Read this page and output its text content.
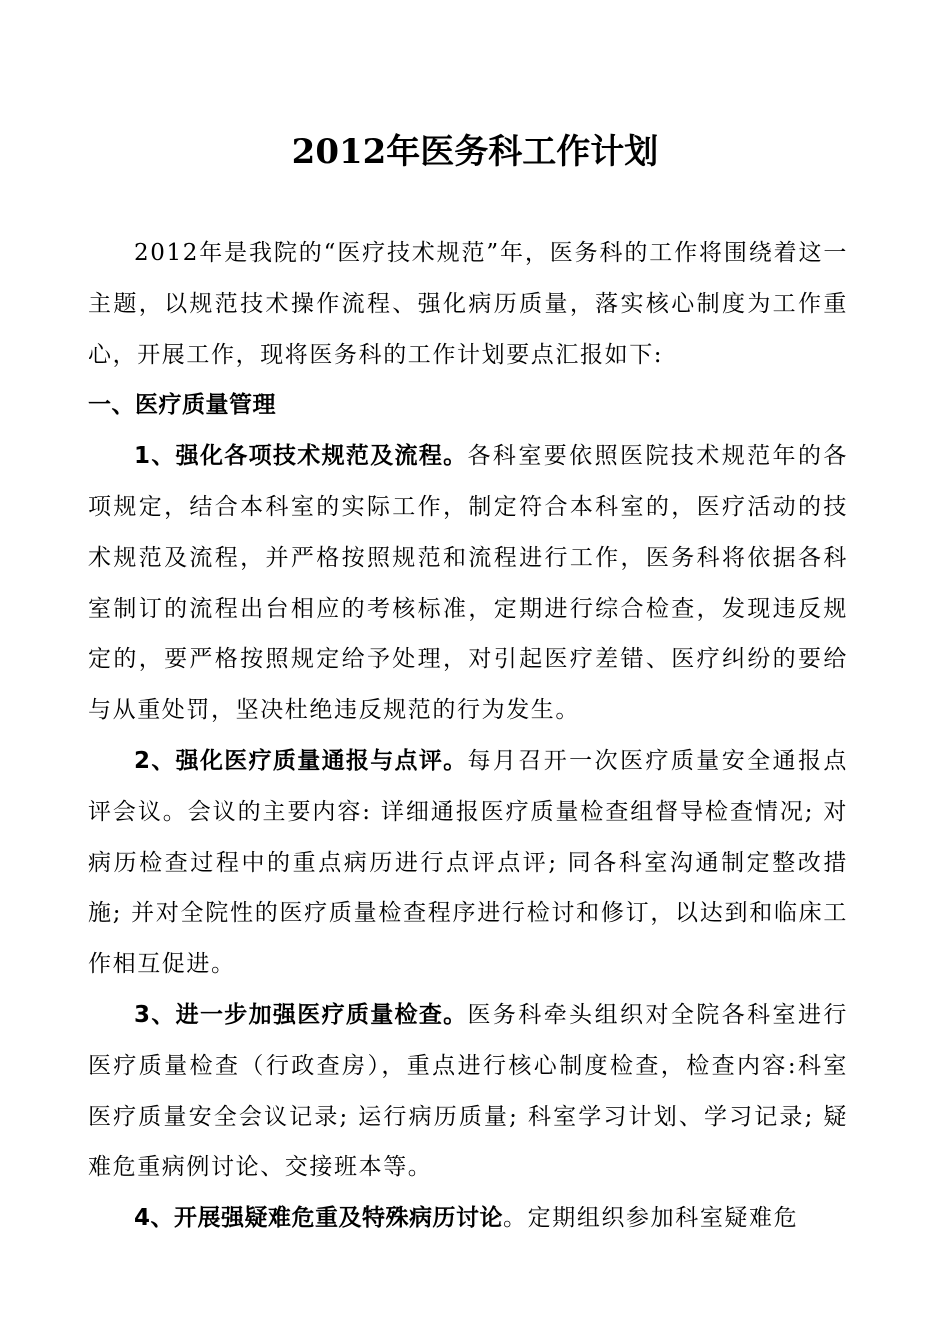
2012年医务科工作计划

2012年是我院的“医疗技术规范”年，医务科的工作将围绕着这一主题，以规范技术操作流程、强化病历质量，落实核心制度为工作重心，开展工作，现将医务科的工作计划要点汇报如下:

一、医疗质量管理

1、强化各项技术规范及流程。各科室要依照医院技术规范年的各项规定，结合本科室的实际工作，制定符合本科室的，医疗活动的技术规范及流程，并严格按照规范和流程进行工作，医务科将依据各科室制订的流程出台相应的考核标准，定期进行综合检查，发现违反规定的，要严格按照规定给予处理，对引起医疗差错、医疗纠纷的要给与从重处罚，坚决杜绝违反规范的行为发生。

2、强化医疗质量通报与点评。每月召开一次医疗质量安全通报点评会议。会议的主要内容: 详细通报医疗质量检查组督导检查情况; 对病历检查过程中的重点病历进行点评点评; 同各科室沟通制定整改措施; 并对全院性的医疗质量检查程序进行检讨和修订，以达到和临床工作相互促进。

3、进一步加强医疗质量检查。医务科牵头组织对全院各科室进行医疗质量检查（行政查房），重点进行核心制度检查，检查内容:科室医疗质量安全会议记录; 运行病历质量; 科室学习计划、学习记录; 疑难危重病例讨论、交接班本等。

4、开展强疑难危重及特殊病历讨论。定期组织参加科室疑难危
